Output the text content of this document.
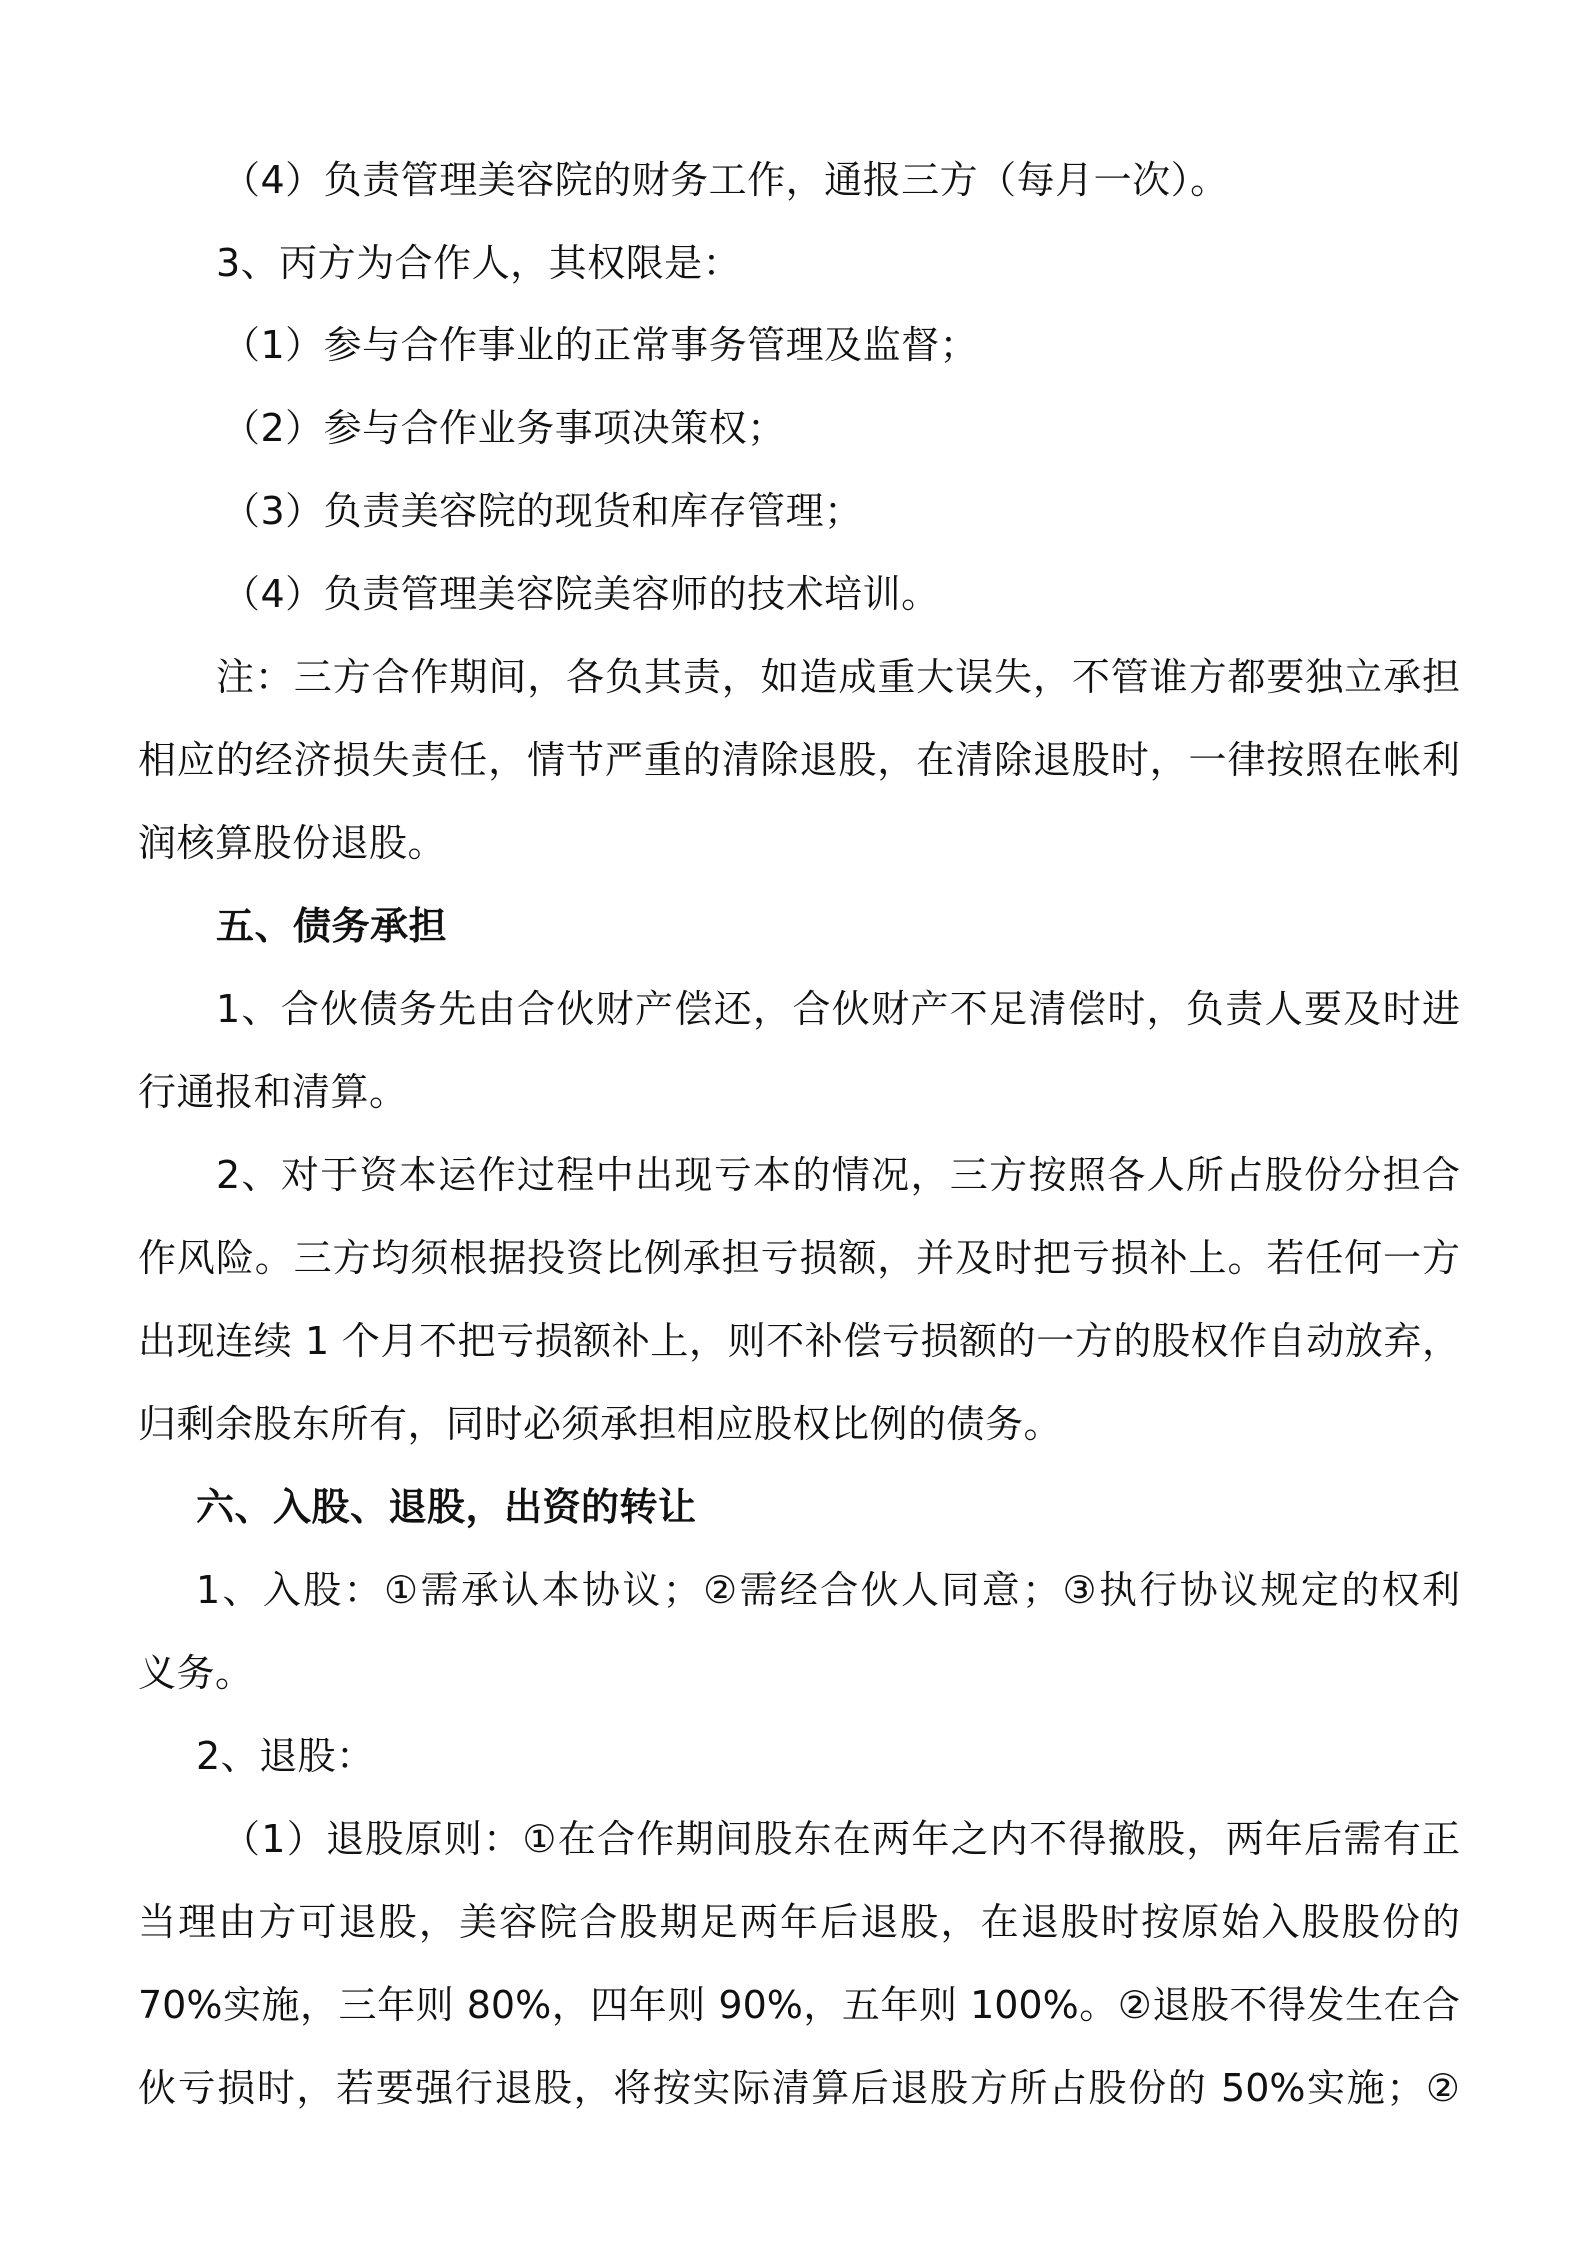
（4）负责管理美容院的财务工作，通报三方（每月一次）。

3、丙方为合作人，其权限是：

（1）参与合作事业的正常事务管理及监督；

（2）参与合作业务事项决策权；

（3）负责美容院的现货和库存管理；

（4）负责管理美容院美容师的技术培训。

注：三方合作期间，各负其责，如造成重大误失，不管谁方都要独立承担

相应的经济损失责任，情节严重的清除退股，在清除退股时，一律按照在帐利

润核算股份退股。

五、债务承担

1、合伙债务先由合伙财产偿还，合伙财产不足清偿时，负责人要及时进

行通报和清算。

2、对于资本运作过程中出现亏本的情况，三方按照各人所占股份分担合

作风险。三方均须根据投资比例承担亏损额，并及时把亏损补上。若任何一方

出现连续 1 个月不把亏损额补上，则不补偿亏损额的一方的股权作自动放弃，

归剩余股东所有，同时必须承担相应股权比例的债务。

六、入股、退股，出资的转让

1、入股：①需承认本协议；②需经合伙人同意；③执行协议规定的权利

义务。

2、退股：

（1）退股原则：①在合作期间股东在两年之内不得撤股，两年后需有正

当理由方可退股，美容院合股期足两年后退股，在退股时按原始入股股份的

70%实施，三年则 80%，四年则 90%，五年则 100%。②退股不得发生在合

伙亏损时，若要强行退股，将按实际清算后退股方所占股份的 50%实施；②
